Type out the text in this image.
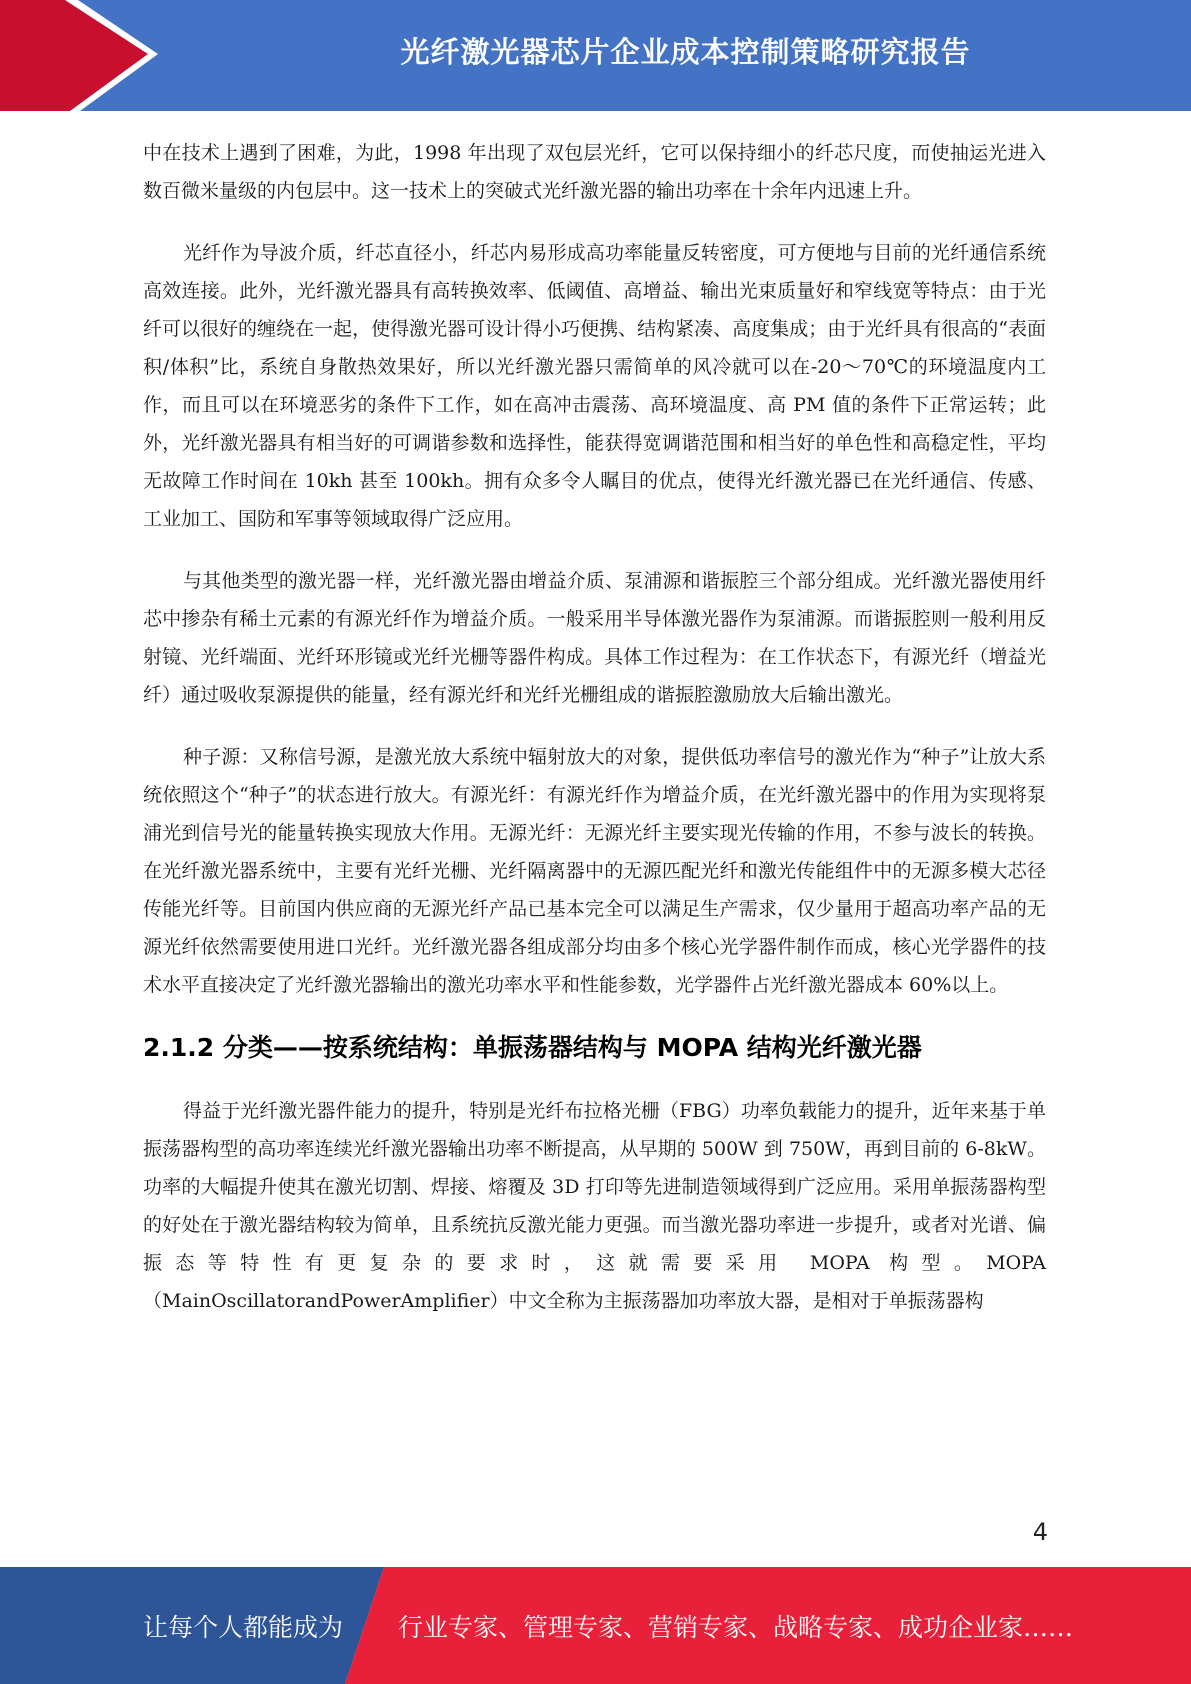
光纤激光器芯片企业成本控制策略研究报告

中在技术上遇到了困难，为此，1998 年出现了双包层光纤，它可以保持细小的纤芯尺度，而使抽运光进入数百微米量级的内包层中。这一技术上的突破式光纤激光器的输出功率在十余年内迅速上升。

光纤作为导波介质，纤芯直径小，纤芯内易形成高功率能量反转密度，可方便地与目前的光纤通信系统高效连接。此外，光纤激光器具有高转换效率、低阈值、高增益、输出光束质量好和窄线宽等特点：由于光纤可以很好的缠绕在一起，使得激光器可设计得小巧便携、结构紧凑、高度集成；由于光纤具有很高的“表面积/体积”比，系统自身散热效果好，所以光纤激光器只需简单的风冷就可以在-20～70℃的环境温度内工作，而且可以在环境恶劣的条件下工作，如在高冲击震荡、高环境温度、高 PM 值的条件下正常运转；此外，光纤激光器具有相当好的可调谐参数和选择性，能获得宽调谐范围和相当好的单色性和高稳定性，平均无故障工作时间在 10kh 甚至 100kh。拥有众多令人瞩目的优点，使得光纤激光器已在光纤通信、传感、工业加工、国防和军事等领域取得广泛应用。

与其他类型的激光器一样，光纤激光器由增益介质、泵浦源和谐振腔三个部分组成。光纤激光器使用纤芯中掺杂有稀土元素的有源光纤作为增益介质。一般采用半导体激光器作为泵浦源。而谐振腔则一般利用反射镜、光纤端面、光纤环形镜或光纤光栅等器件构成。具体工作过程为：在工作状态下，有源光纤（增益光纤）通过吸收泵源提供的能量，经有源光纤和光纤光栅组成的谐振腔激励放大后输出激光。

种子源：又称信号源，是激光放大系统中辐射放大的对象，提供低功率信号的激光作为“种子”让放大系统依照这个“种子”的状态进行放大。有源光纤：有源光纤作为增益介质，在光纤激光器中的作用为实现将泵浦光到信号光的能量转换实现放大作用。无源光纤：无源光纤主要实现光传输的作用，不参与波长的转换。在光纤激光器系统中，主要有光纤光栅、光纤隔离器中的无源匹配光纤和激光传能组件中的无源多模大芯径传能光纤等。目前国内供应商的无源光纤产品已基本完全可以满足生产需求，仅少量用于超高功率产品的无源光纤依然需要使用进口光纤。光纤激光器各组成部分均由多个核心光学器件制作而成，核心光学器件的技术水平直接决定了光纤激光器输出的激光功率水平和性能参数，光学器件占光纤激光器成本 60%以上。

2.1.2 分类——按系统结构：单振荡器结构与 MOPA 结构光纤激光器

得益于光纤激光器件能力的提升，特别是光纤布拉格光栅（FBG）功率负载能力的提升，近年来基于单振荡器构型的高功率连续光纤激光器输出功率不断提高，从早期的 500W 到 750W，再到目前的 6-8kW。功率的大幅提升使其在激光切割、焊接、熔覆及 3D 打印等先进制造领域得到广泛应用。采用单振荡器构型的好处在于激光器结构较为简单，且系统抗反激光能力更强。而当激光器功率进一步提升，或者对光谱、偏振态等特性有更复杂的要求时，这就需要采用 MOPA 构型。MOPA（MainOscillatorandPowerAmplifier）中文全称为主振荡器加功率放大器，是相对于单振荡器构

4
让每个人都能成为 行业专家、管理专家、营销专家、战略专家、成功企业家……
